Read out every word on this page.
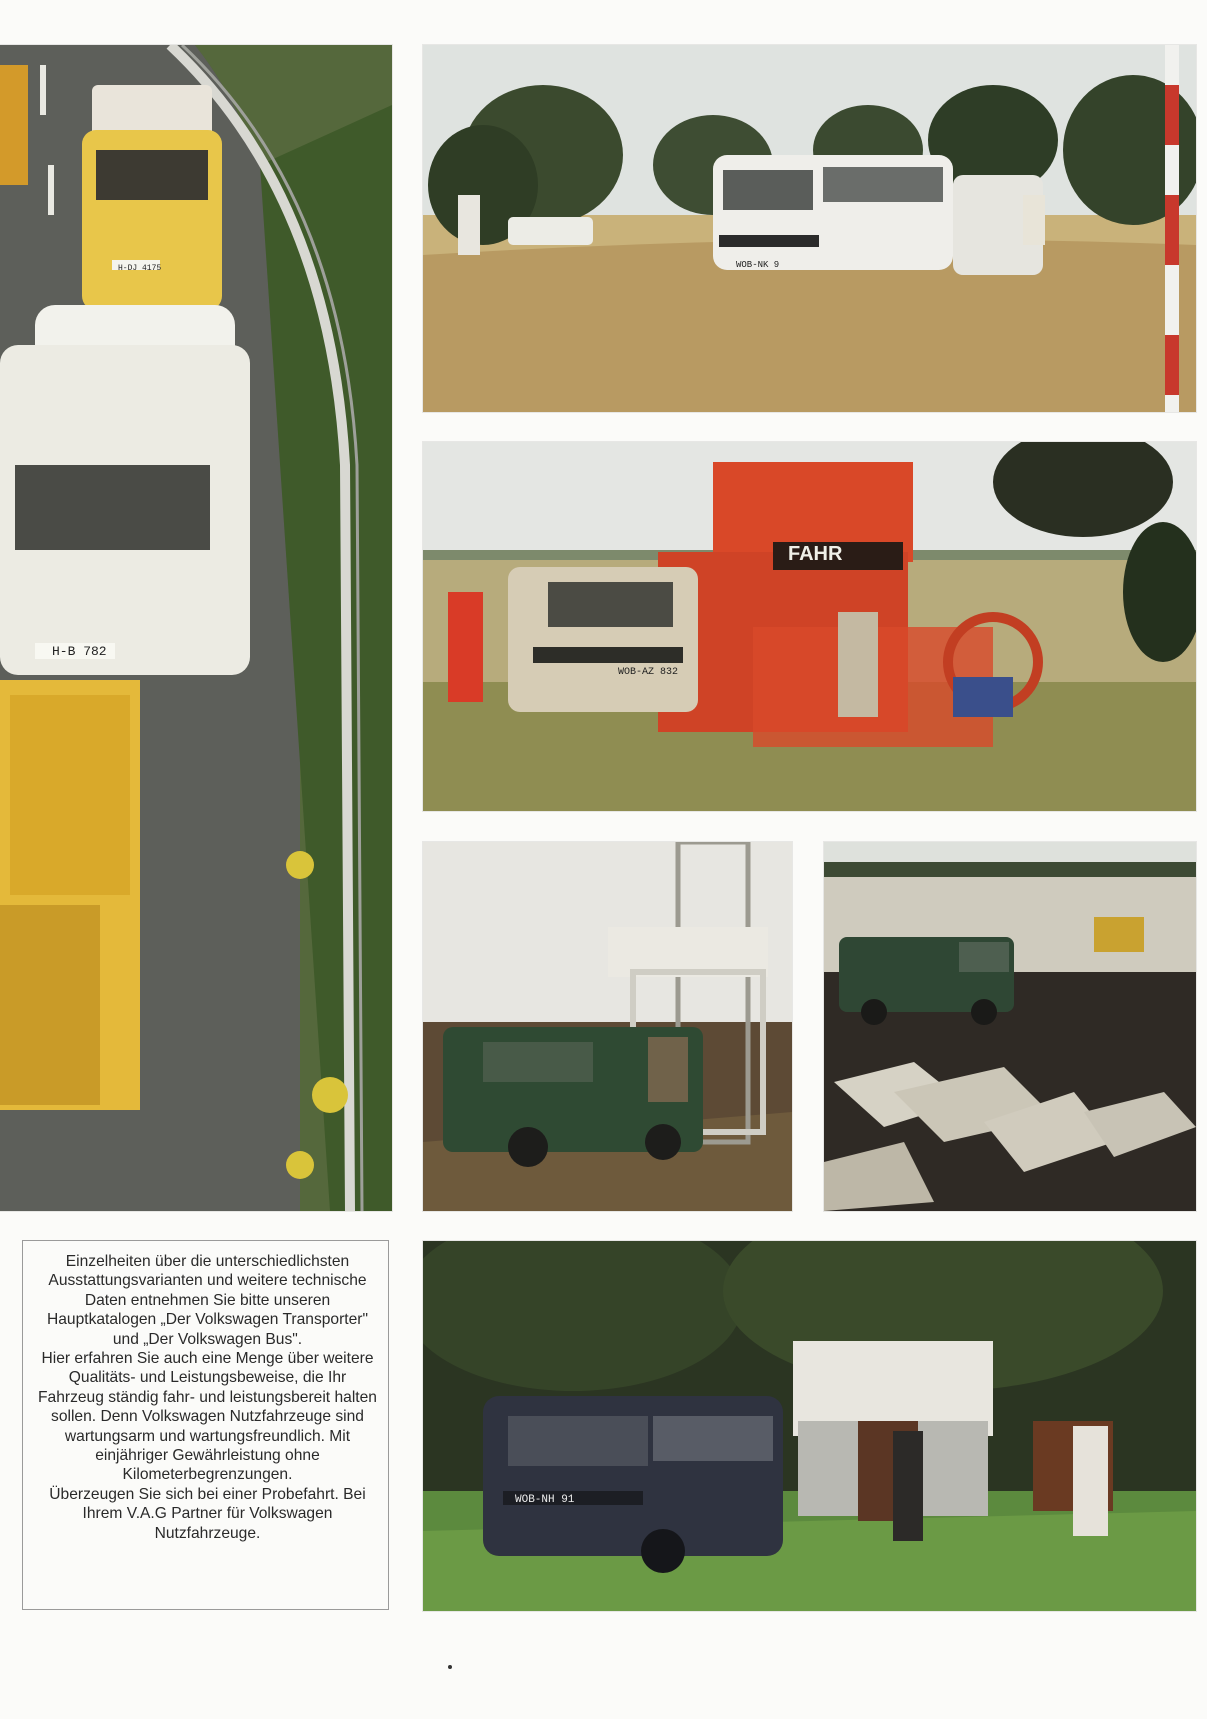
H-B 782
H-DJ 4175	WOB-NK 9
FAHR
WOB-AZ 832
WOB-NH 91

Einzelheiten über die unterschiedlichsten Ausstattungsvarianten und weitere technische Daten entnehmen Sie bitte unseren Hauptkatalogen „Der Volkswagen Transporter" und „Der Volkswagen Bus".

Hier erfahren Sie auch eine Menge über weitere Qualitäts- und Leistungsbeweise, die Ihr Fahrzeug ständig fahr- und leistungsbereit halten sollen. Denn Volkswagen Nutzfahrzeuge sind wartungsarm und wartungsfreundlich. Mit einjähriger Gewährleistung ohne Kilometerbegrenzungen.

Überzeugen Sie sich bei einer Probefahrt. Bei Ihrem V.A.G Partner für Volkswagen Nutzfahrzeuge.
